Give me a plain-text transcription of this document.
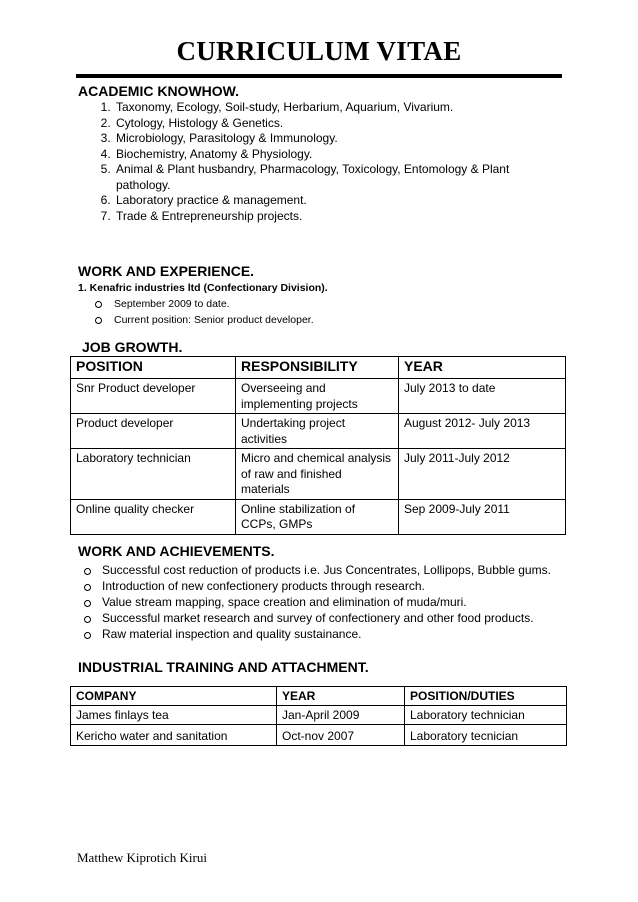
CURRICULUM VITAE
ACADEMIC KNOWHOW.
1. Taxonomy, Ecology, Soil-study, Herbarium, Aquarium, Vivarium.
2. Cytology, Histology & Genetics.
3. Microbiology, Parasitology & Immunology.
4. Biochemistry, Anatomy & Physiology.
5. Animal & Plant husbandry, Pharmacology, Toxicology, Entomology & Plant pathology.
6. Laboratory practice & management.
7. Trade & Entrepreneurship projects.
WORK AND EXPERIENCE.
1. Kenafric industries ltd (Confectionary Division).
September 2009 to date.
Current position: Senior product developer.
JOB GROWTH.
POSITION	RESPONSIBILITY	YEAR
Snr Product developer	Overseeing and implementing projects	July 2013 to date
Product developer	Undertaking project activities	August 2012- July 2013
Laboratory technician	Micro and chemical analysis of raw and finished materials	July 2011-July 2012
Online quality checker	Online stabilization of CCPs, GMPs	Sep 2009-July 2011
WORK AND ACHIEVEMENTS.
Successful cost reduction of products i.e. Jus Concentrates, Lollipops, Bubble gums.
Introduction of new confectionery products through research.
Value stream mapping, space creation and elimination of muda/muri.
Successful market research and survey of confectionery and other food products.
Raw material inspection and quality sustainance.
INDUSTRIAL TRAINING AND ATTACHMENT.
COMPANY	YEAR	POSITION/DUTIES
James finlays tea	Jan-April 2009	Laboratory technician
Kericho water and sanitation	Oct-nov 2007	Laboratory tecnician
Matthew Kiprotich Kirui
